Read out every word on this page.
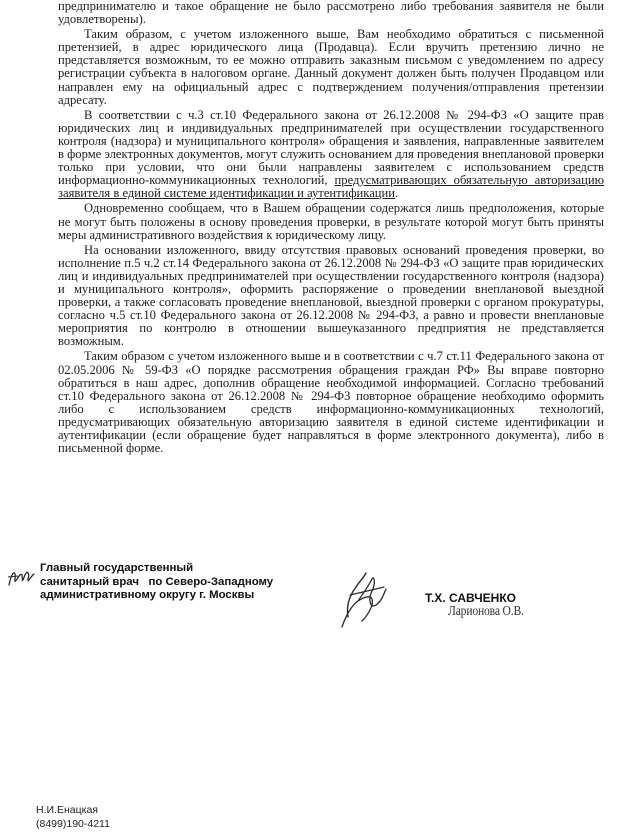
предпринимателю и такое обращение не было рассмотрено либо требования заявителя не были удовлетворены).

Таким образом, с учетом изложенного выше, Вам необходимо обратиться с письменной претензией, в адрес юридического лица (Продавца). Если вручить претензию лично не представляется возможным, то ее можно отправить заказным письмом с уведомлением по адресу регистрации субъекта в налоговом органе. Данный документ должен быть получен Продавцом или направлен ему на официальный адрес с подтверждением получения/отправления претензии адресату.

В соответствии с ч.3 ст.10 Федерального закона от 26.12.2008 № 294-ФЗ «О защите прав юридических лиц и индивидуальных предпринимателей при осуществлении государственного контроля (надзора) и муниципального контроля» обращения и заявления, направленные заявителем в форме электронных документов, могут служить основанием для проведения внеплановой проверки только при условии, что они были направлены заявителем с использованием средств информационно-коммуникационных технологий, предусматривающих обязательную авторизацию заявителя в единой системе идентификации и аутентификации.

Одновременно сообщаем, что в Вашем обращении содержатся лишь предположения, которые не могут быть положены в основу проведения проверки, в результате которой могут быть приняты меры административного воздействия к юридическому лицу.

На основании изложенного, ввиду отсутствия правовых оснований проведения проверки, во исполнение п.5 ч.2 ст.14 Федерального закона от 26.12.2008 № 294-ФЗ «О защите прав юридических лиц и индивидуальных предпринимателей при осуществлении государственного контроля (надзора) и муниципального контроля», оформить распоряжение о проведении внеплановой выездной проверки, а также согласовать проведение внеплановой, выездной проверки с органом прокуратуры, согласно ч.5 ст.10 Федерального закона от 26.12.2008 № 294-ФЗ, а равно и провести внеплановые мероприятия по контролю в отношении вышеуказанного предприятия не представляется возможным.

Таким образом с учетом изложенного выше и в соответствии с ч.7 ст.11 Федерального закона от 02.05.2006 № 59-ФЗ «О порядке рассмотрения обращения граждан РФ» Вы вправе повторно обратиться в наш адрес, дополнив обращение необходимой информацией. Согласно требований ст.10 Федерального закона от 26.12.2008 № 294-ФЗ повторное обращение необходимо оформить либо с использованием средств информационно-коммуникационных технологий, предусматривающих обязательную авторизацию заявителя в единой системе идентификации и аутентификации (если обращение будет направляться в форме электронного документа), либо в письменной форме.

Главный государственный
санитарный врач   по Северо-Западному
административному округу г. Москвы	Т.Х. САВЧЕНКО
Ларионова О.В.
Н.И.Енацкая
(8499)190-4211
